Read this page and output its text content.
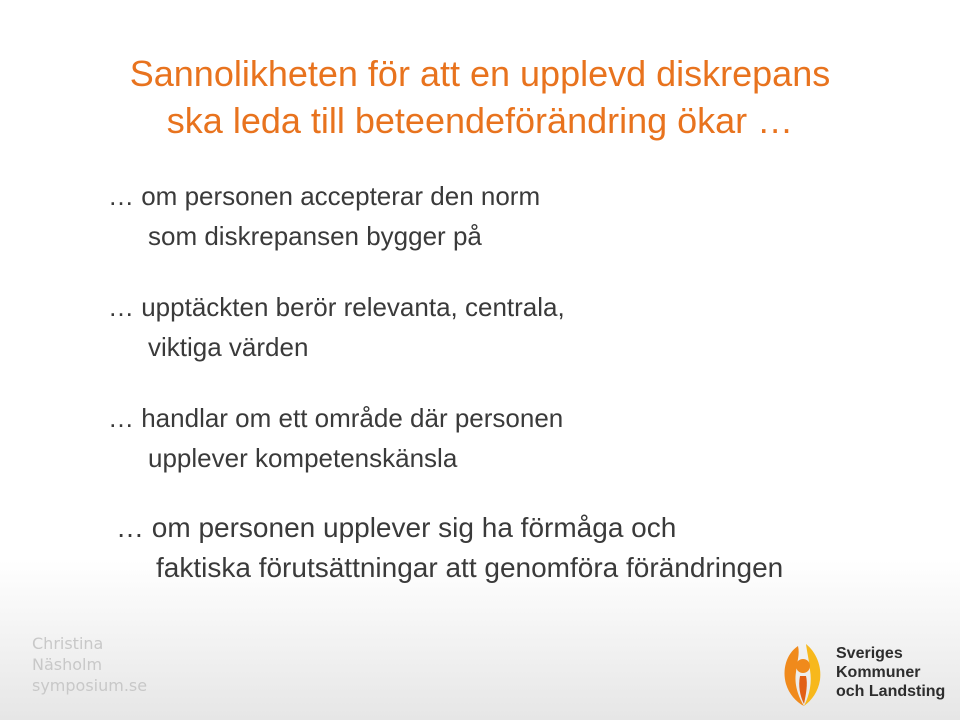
Sannolikheten för att en upplevd diskrepans
ska leda till beteendeförändring ökar …

… om personen accepterar den norm
som diskrepansen bygger på

… upptäckten berör relevanta, centrala,
viktiga värden

… handlar om ett område där personen
upplever kompetenskänsla

… om personen upplever sig ha förmåga och
faktiska förutsättningar att genomföra förändringen

Christina
Näsholm
symposium.se
Sveriges
Kommuner
och Landsting
